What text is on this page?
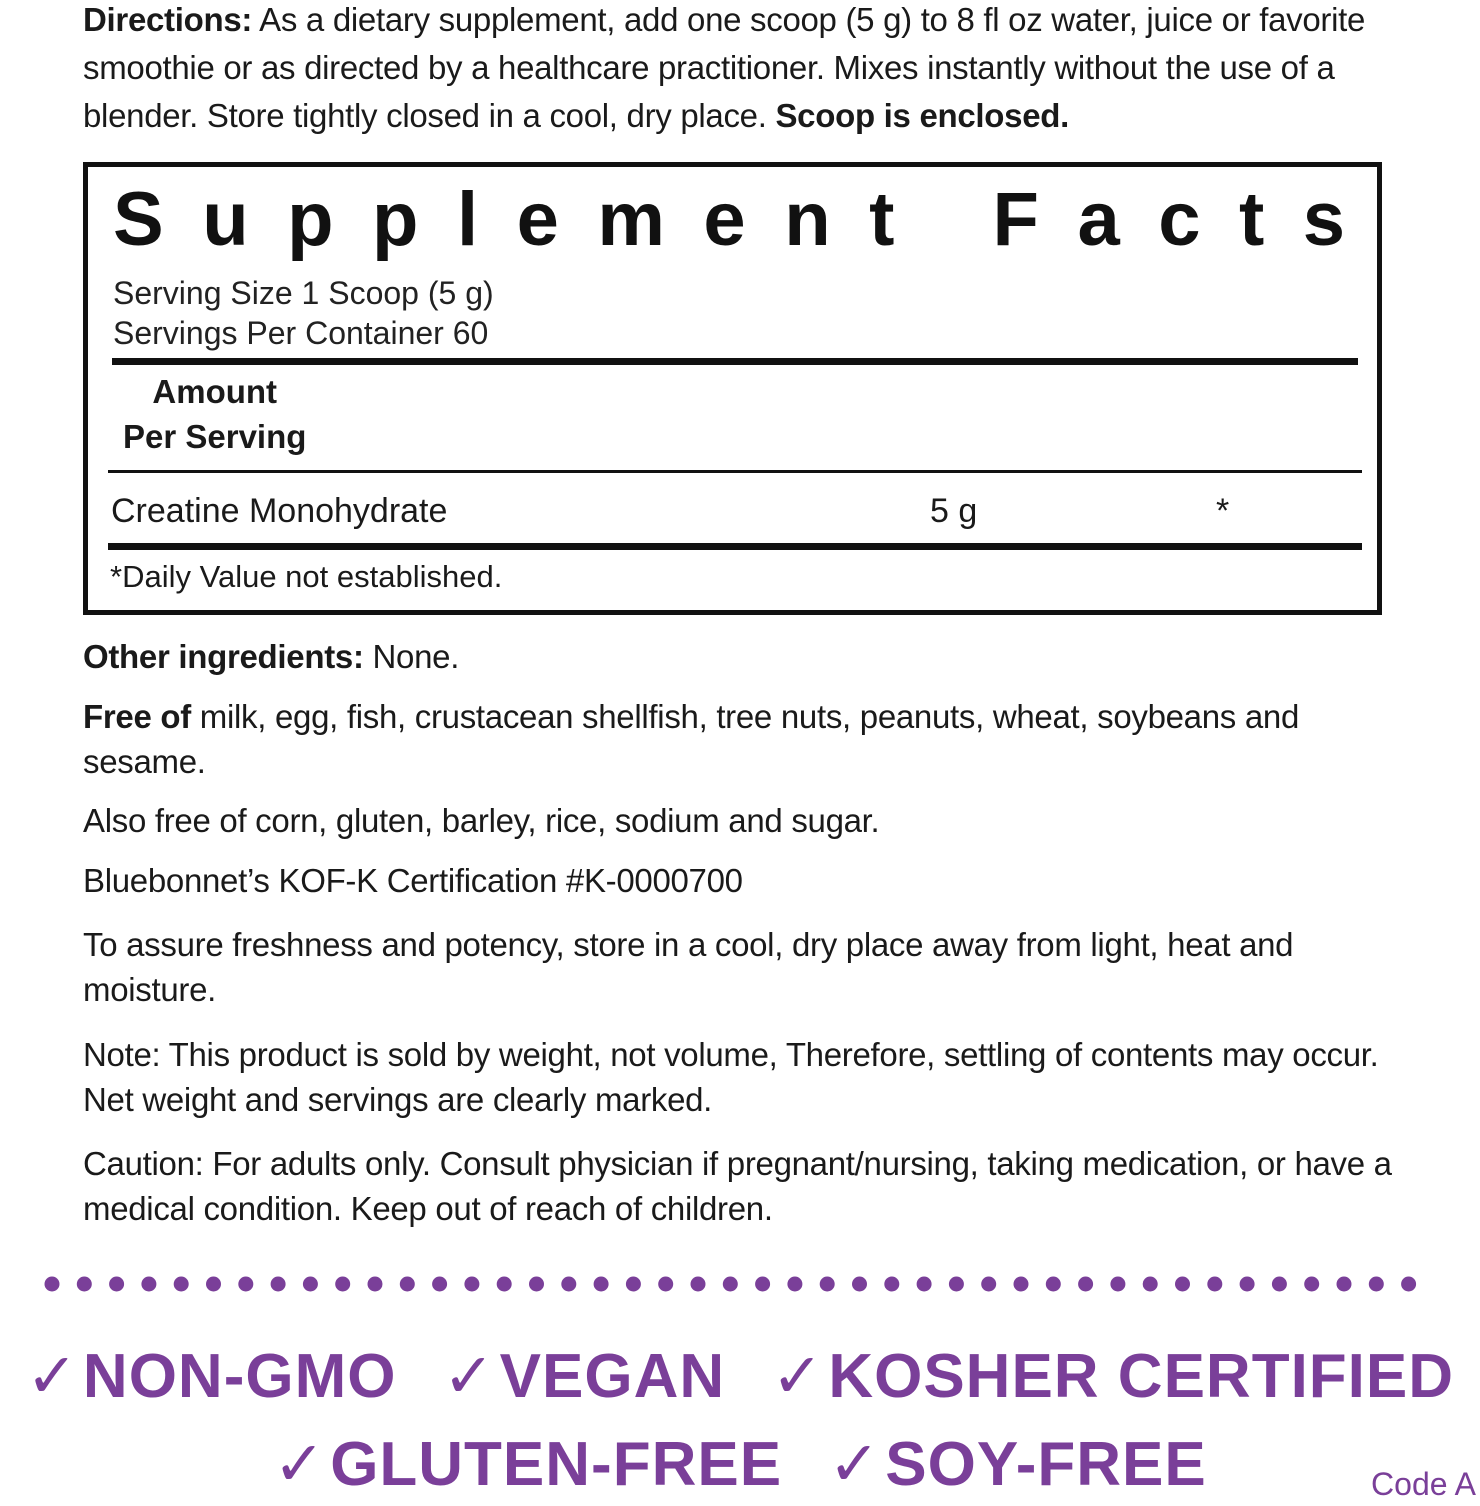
Directions: As a dietary supplement, add one scoop (5 g) to 8 fl oz water, juice or favorite smoothie or as directed by a healthcare practitioner. Mixes instantly without the use of a blender. Store tightly closed in a cool, dry place. Scoop is enclosed.

Supplement Facts
Serving Size 1 Scoop (5 g)
Servings Per Container 60
Amount
Per Serving
Creatine Monohydrate	5 g	*
*Daily Value not established.

Other ingredients: None.

Free of milk, egg, fish, crustacean shellfish, tree nuts, peanuts, wheat, soybeans and sesame.

Also free of corn, gluten, barley, rice, sodium and sugar.

Bluebonnet’s KOF-K Certification #K-0000700

To assure freshness and potency, store in a cool, dry place away from light, heat and moisture.

Note: This product is sold by weight, not volume, Therefore, settling of contents may occur. Net weight and servings are clearly marked.

Caution: For adults only. Consult physician if pregnant/nursing, taking medication, or have a medical condition. Keep out of reach of children.

✓NON-GMO ✓VEGAN ✓KOSHER CERTIFIED

✓GLUTEN-FREE ✓SOY-FREE	Code A
